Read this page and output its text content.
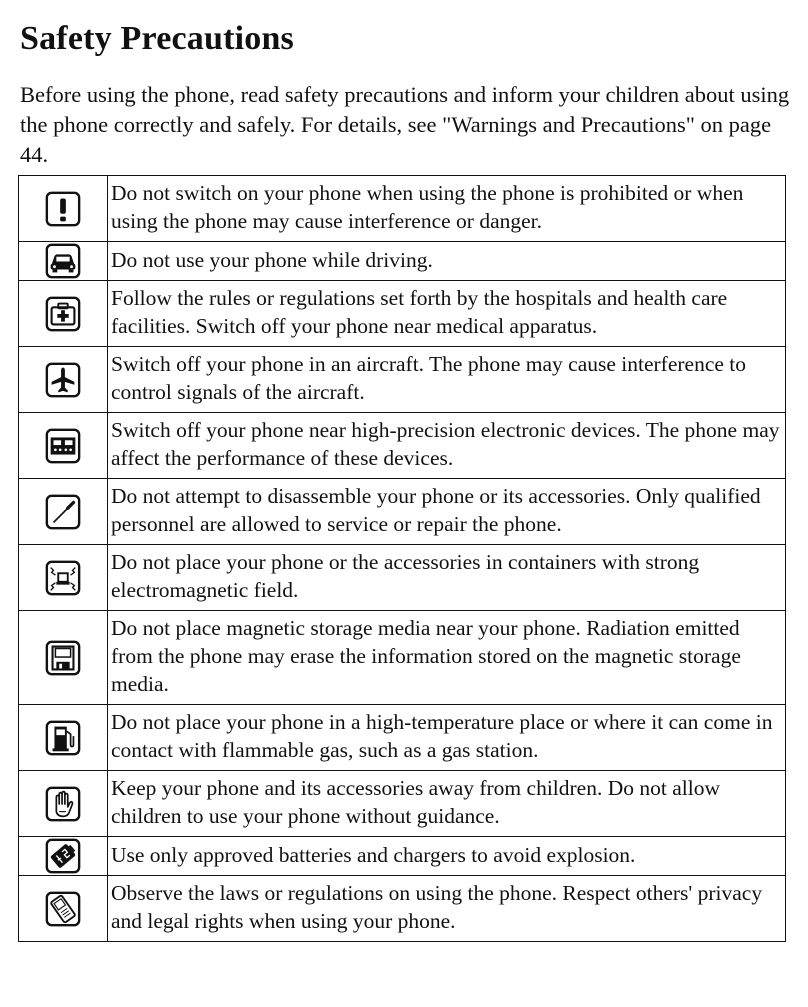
Safety Precautions

Before using the phone, read safety precautions and inform your children about using the phone correctly and safely. For details, see "Warnings and Precautions" on page 44.

	Do not switch on your phone when using the phone is prohibited or when using the phone may cause interference or danger.

	Do not use your phone while driving.

	Follow the rules or regulations set forth by the hospitals and health care facilities. Switch off your phone near medical apparatus.

	Switch off your phone in an aircraft. The phone may cause interference to control signals of the aircraft.

	Switch off your phone near high-precision electronic devices. The phone may affect the performance of these devices.

	Do not attempt to disassemble your phone or its accessories. Only qualified personnel are allowed to service or repair the phone.

	Do not place your phone or the accessories in containers with strong electromagnetic field.

	Do not place magnetic storage media near your phone. Radiation emitted from the phone may erase the information stored on the magnetic storage media.

	Do not place your phone in a high-temperature place or where it can come in contact with flammable gas, such as a gas station.

	Keep your phone and its accessories away from children. Do not allow children to use your phone without guidance.

	Use only approved batteries and chargers to avoid explosion.

	Observe the laws or regulations on using the phone. Respect others' privacy and legal rights when using your phone.
